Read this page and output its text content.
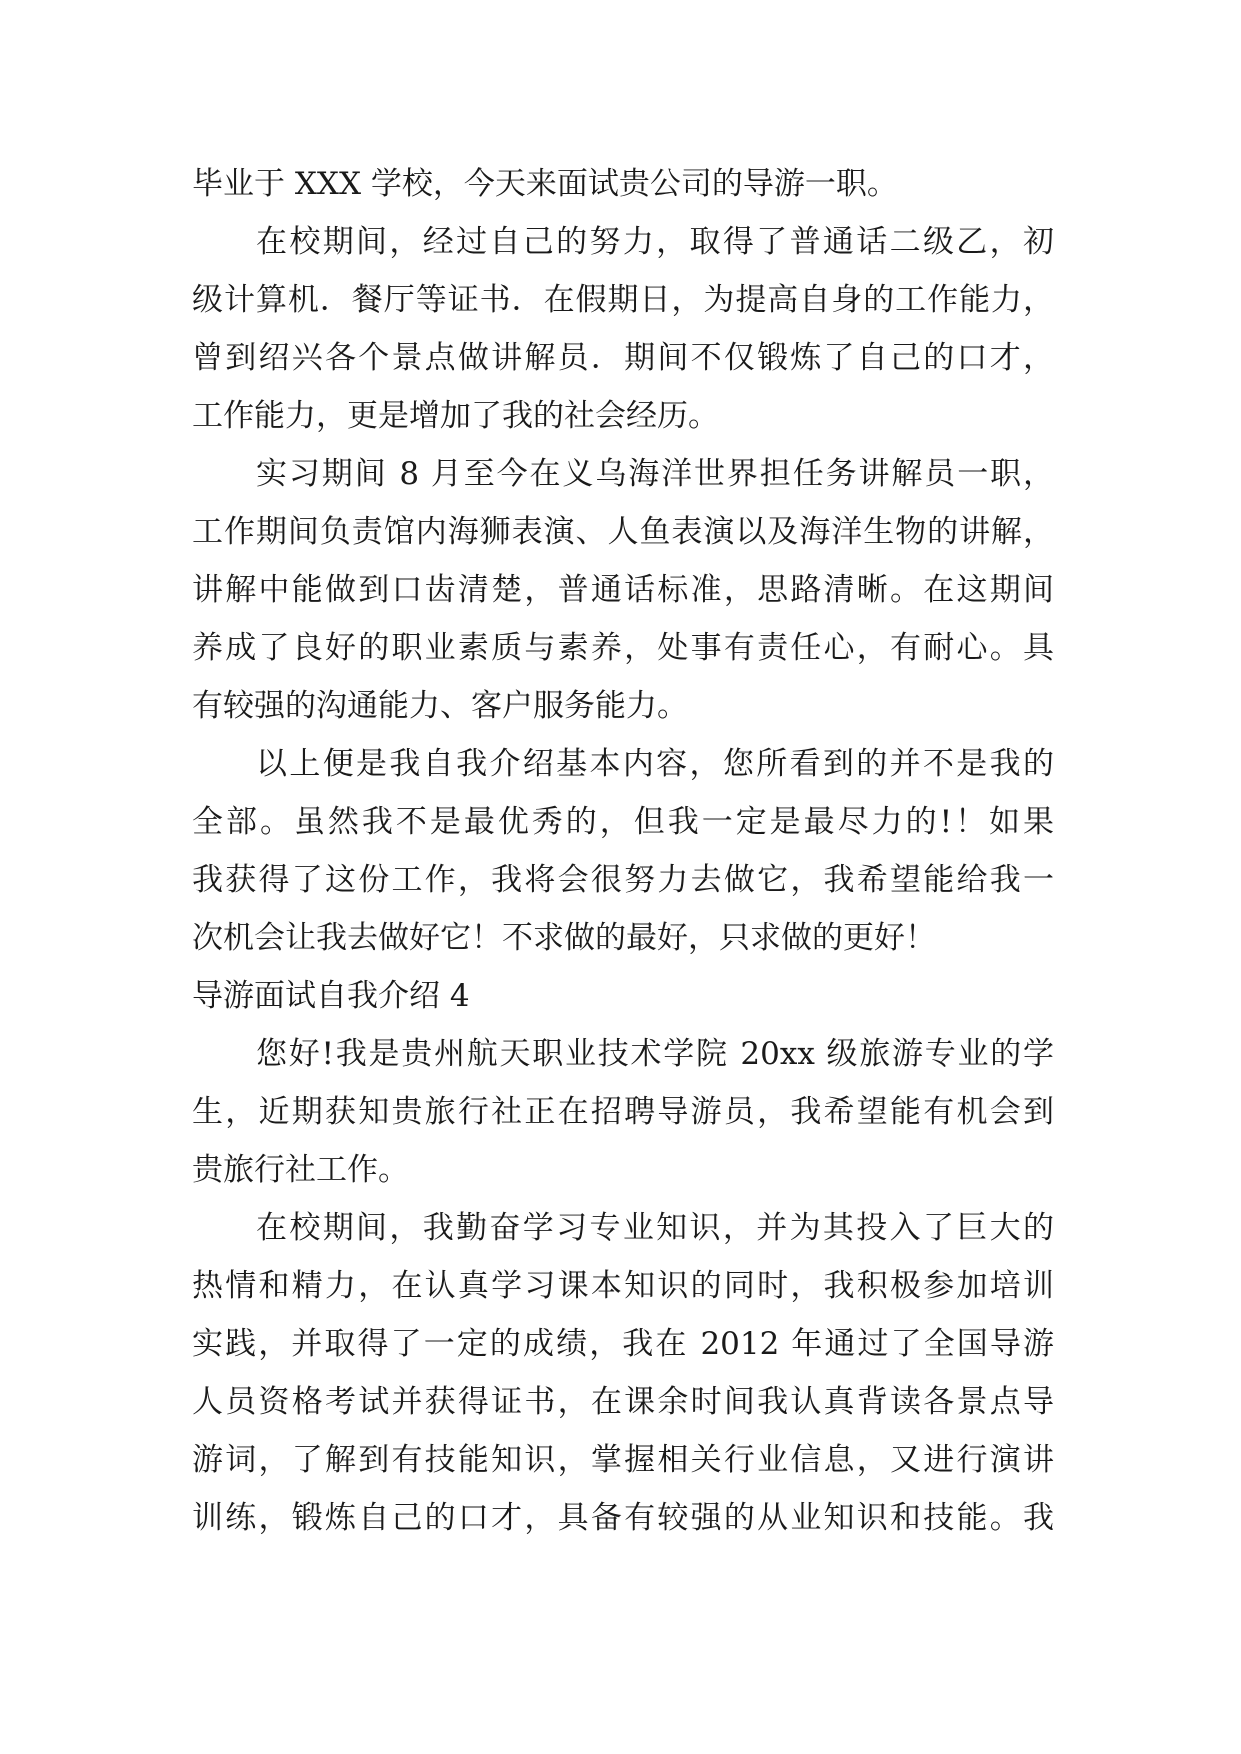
毕业于 XXX 学校，今天来面试贵公司的导游一职。
在校期间，经过自己的努力，取得了普通话二级乙，初
级计算机．餐厅等证书．在假期日，为提高自身的工作能力，
曾到绍兴各个景点做讲解员．期间不仅锻炼了自己的口才，
工作能力，更是增加了我的社会经历。
实习期间 8 月至今在义乌海洋世界担任务讲解员一职，
工作期间负责馆内海狮表演、人鱼表演以及海洋生物的讲解，
讲解中能做到口齿清楚，普通话标准，思路清晰。在这期间
养成了良好的职业素质与素养，处事有责任心，有耐心。具
有较强的沟通能力、客户服务能力。
以上便是我自我介绍基本内容，您所看到的并不是我的
全部。虽然我不是最优秀的，但我一定是最尽力的!！如果
我获得了这份工作，我将会很努力去做它，我希望能给我一
次机会让我去做好它！不求做的最好，只求做的更好！
导游面试自我介绍 4
您好!我是贵州航天职业技术学院 20xx 级旅游专业的学
生，近期获知贵旅行社正在招聘导游员，我希望能有机会到
贵旅行社工作。
在校期间，我勤奋学习专业知识，并为其投入了巨大的
热情和精力，在认真学习课本知识的同时，我积极参加培训
实践，并取得了一定的成绩，我在 2012 年通过了全国导游
人员资格考试并获得证书，在课余时间我认真背读各景点导
游词，了解到有技能知识，掌握相关行业信息，又进行演讲
训练，锻炼自己的口才，具备有较强的从业知识和技能。我
